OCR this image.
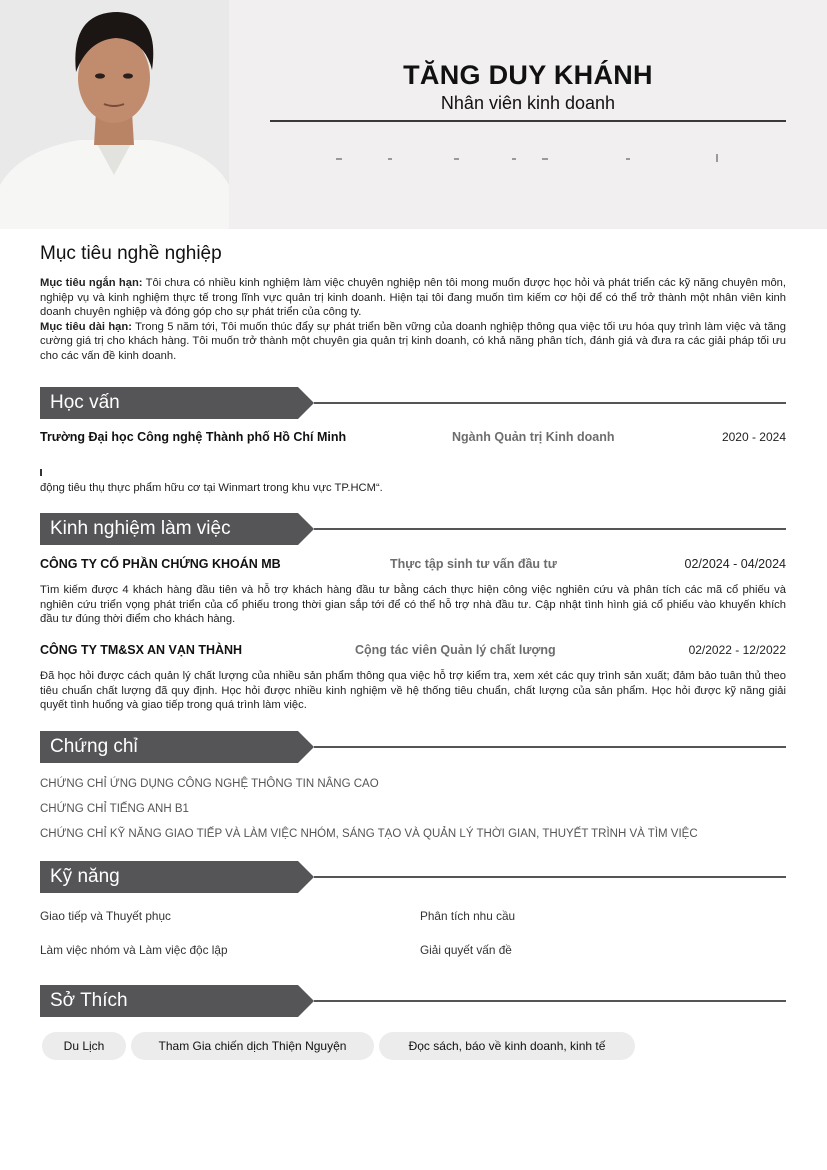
TĂNG DUY KHÁNH
Nhân viên kinh doanh
Mục tiêu nghề nghiệp
Mục tiêu ngắn hạn: Tôi chưa có nhiều kinh nghiệm làm việc chuyên nghiệp nên tôi mong muốn được học hỏi và phát triển các kỹ năng chuyên môn, nghiệp vụ và kinh nghiệm thực tế trong lĩnh vực quản trị kinh doanh. Hiện tại tôi đang muốn tìm kiếm cơ hội để có thể trở thành một nhân viên kinh doanh chuyên nghiệp và đóng góp cho sự phát triển của công ty.
Mục tiêu dài hạn: Trong 5 năm tới, Tôi muốn thúc đẩy sự phát triển bền vững của doanh nghiệp thông qua việc tối ưu hóa quy trình làm việc và tăng cường giá trị cho khách hàng. Tôi muốn trở thành một chuyên gia quản trị kinh doanh, có khả năng phân tích, đánh giá và đưa ra các giải pháp tối ưu cho các vấn đề kinh doanh.
Học vấn
Trường Đại học Công nghệ Thành phố Hồ Chí Minh	Ngành Quản trị Kinh doanh	2020 - 2024
động tiêu thụ thực phẩm hữu cơ tại Winmart trong khu vực TP.HCM“.
Kinh nghiệm làm việc
CÔNG TY CỔ PHẦN CHỨNG KHOÁN MB	Thực tập sinh tư vấn đầu tư	02/2024 - 04/2024
Tìm kiếm được 4 khách hàng đầu tiên và hỗ trợ khách hàng đầu tư bằng cách thực hiện công việc nghiên cứu và phân tích các mã cổ phiếu và nghiên cứu triển vọng phát triển của cổ phiếu trong thời gian sắp tới để có thể hỗ trợ nhà đầu tư. Cập nhật tình hình giá cổ phiếu vào khuyến khích đầu tư đúng thời điểm cho khách hàng.
CÔNG TY TM&SX AN VẠN THÀNH	Cộng tác viên Quản lý chất lượng	02/2022 - 12/2022
Đã học hỏi được cách quản lý chất lượng của nhiều sản phẩm thông qua việc hỗ trợ kiểm tra, xem xét các quy trình sản xuất; đảm bảo tuân thủ theo tiêu chuẩn chất lượng đã quy định. Học hỏi được nhiều kinh nghiệm về hệ thống tiêu chuẩn, chất lượng của sản phẩm. Học hỏi được kỹ năng giải quyết tình huống và giao tiếp trong quá trình làm việc.
Chứng chỉ
CHỨNG CHỈ ỨNG DỤNG CÔNG NGHỆ THÔNG TIN NÂNG CAO
CHỨNG CHỈ TIẾNG ANH B1
CHỨNG CHỈ KỸ NĂNG GIAO TIẾP VÀ LÀM VIỆC NHÓM, SÁNG TẠO VÀ QUẢN LÝ THỜI GIAN, THUYẾT TRÌNH VÀ TÌM VIỆC
Kỹ năng
Giao tiếp và Thuyết phục	Phân tích nhu cầu
Làm việc nhóm và Làm việc độc lập	Giải quyết vấn đề
Sở Thích
Du Lịch	Tham Gia chiến dịch Thiện Nguyện	Đọc sách, báo về kinh doanh, kinh tế
